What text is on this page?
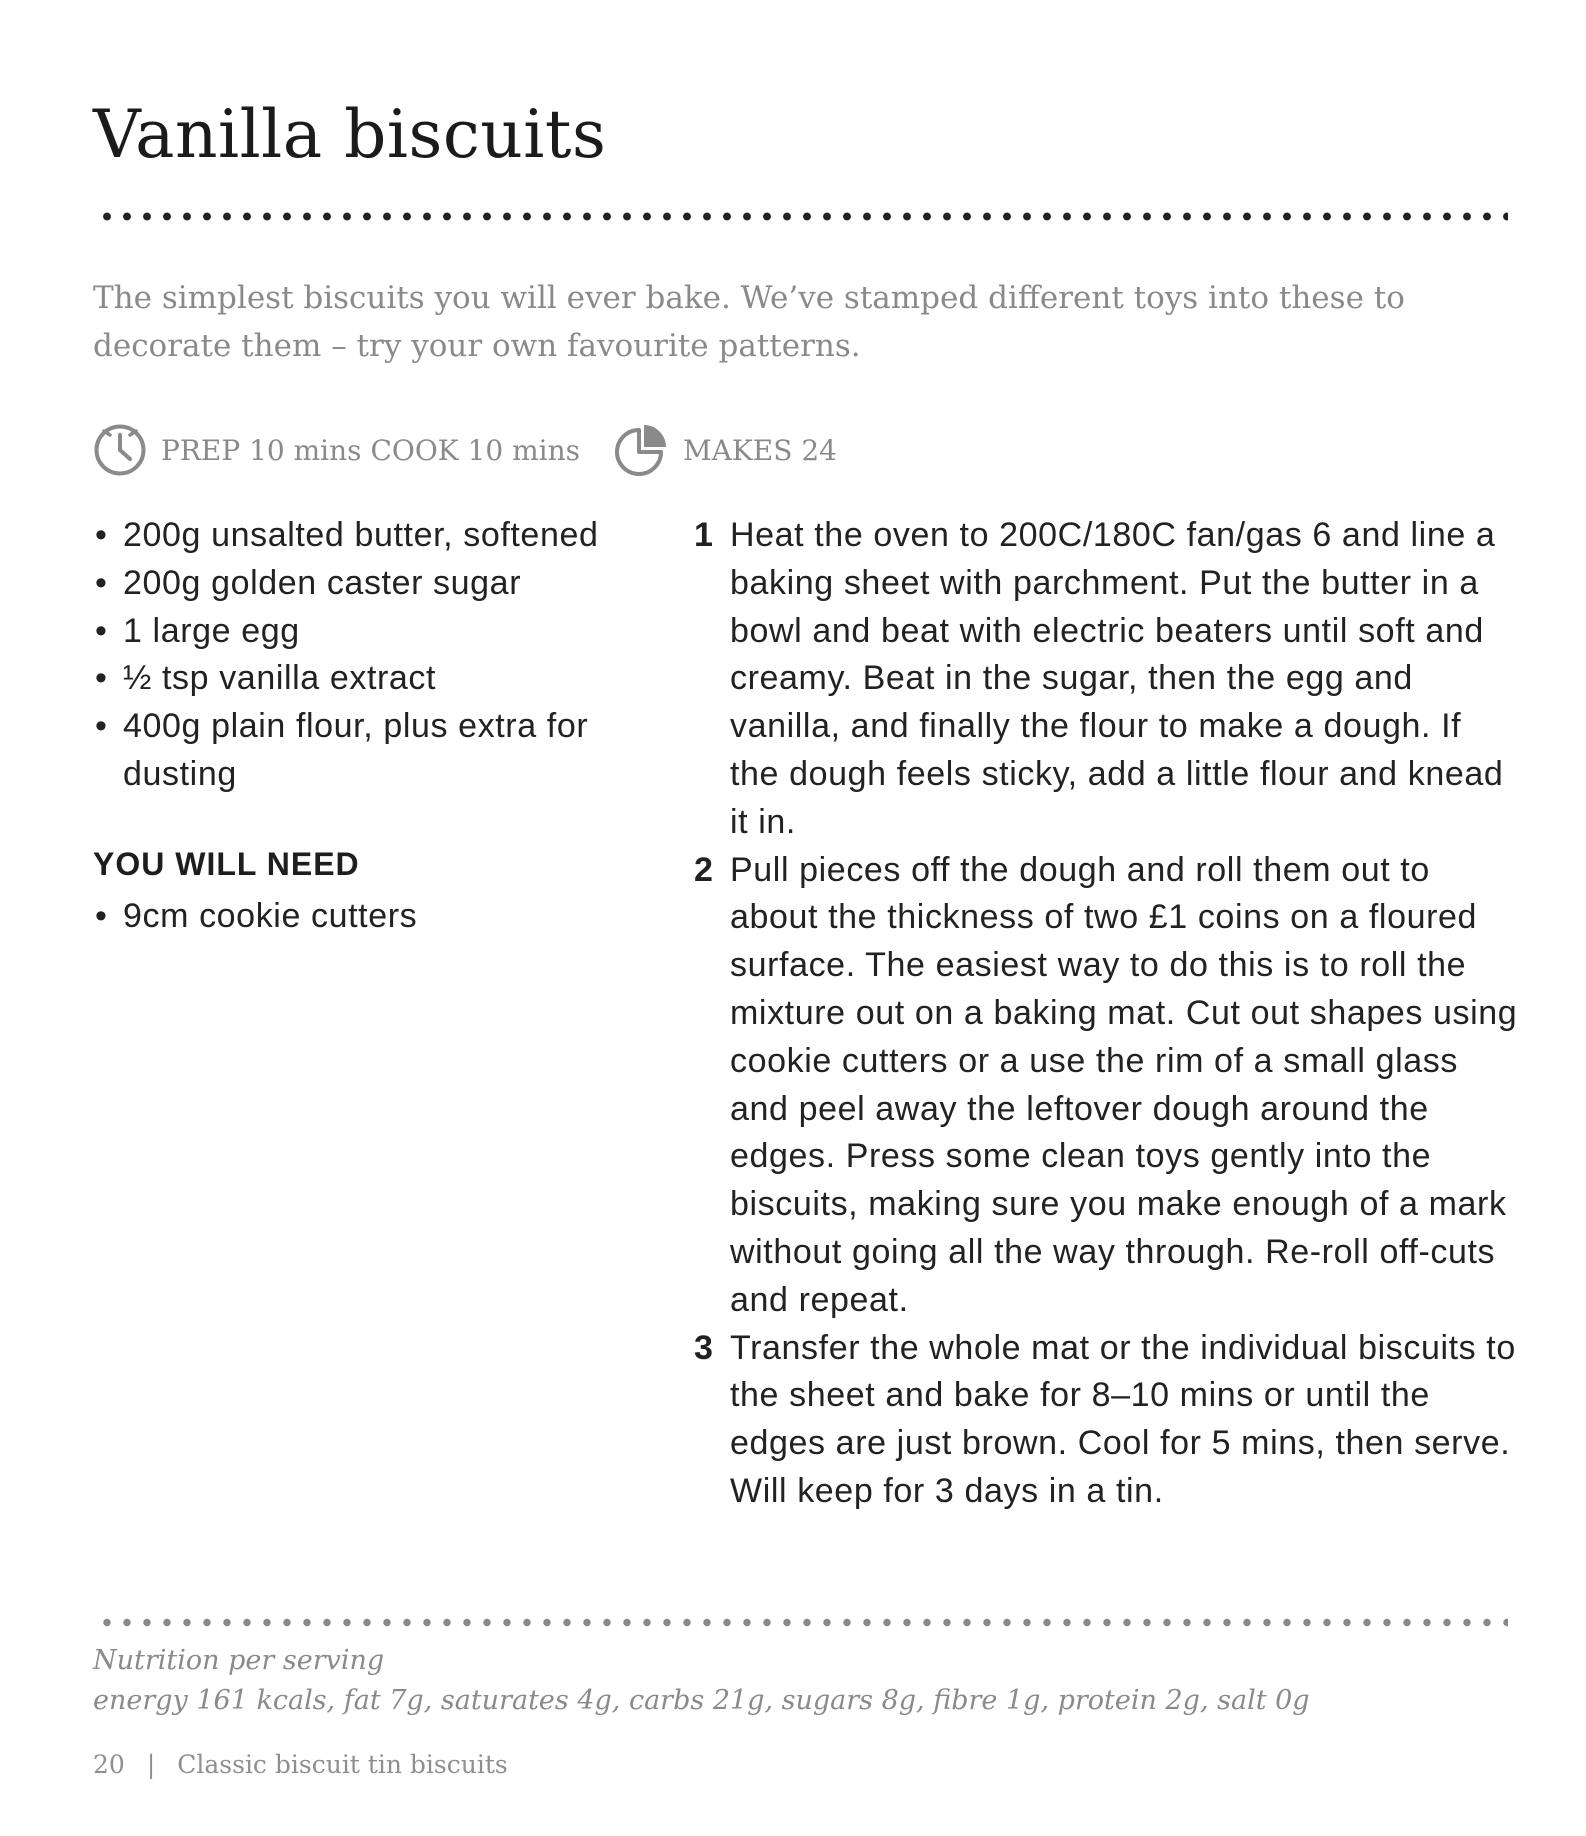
Vanilla biscuits
The simplest biscuits you will ever bake. We’ve stamped different toys into these to decorate them – try your own favourite patterns.
PREP 10 mins COOK 10 mins	MAKES 24
• 200g unsalted butter, softened
• 200g golden caster sugar
• 1 large egg
• ½ tsp vanilla extract
• 400g plain flour, plus extra for dusting
YOU WILL NEED
• 9cm cookie cutters
1 Heat the oven to 200C/180C fan/gas 6 and line a baking sheet with parchment. Put the butter in a bowl and beat with electric beaters until soft and creamy. Beat in the sugar, then the egg and vanilla, and finally the flour to make a dough. If the dough feels sticky, add a little flour and knead it in.
2 Pull pieces off the dough and roll them out to about the thickness of two £1 coins on a floured surface. The easiest way to do this is to roll the mixture out on a baking mat. Cut out shapes using cookie cutters or a use the rim of a small glass and peel away the leftover dough around the edges. Press some clean toys gently into the biscuits, making sure you make enough of a mark without going all the way through. Re-roll off-cuts and repeat.
3 Transfer the whole mat or the individual biscuits to the sheet and bake for 8–10 mins or until the edges are just brown. Cool for 5 mins, then serve. Will keep for 3 days in a tin.
Nutrition per serving
energy 161 kcals, fat 7g, saturates 4g, carbs 21g, sugars 8g, fibre 1g, protein 2g, salt 0g
20 | Classic biscuit tin biscuits
